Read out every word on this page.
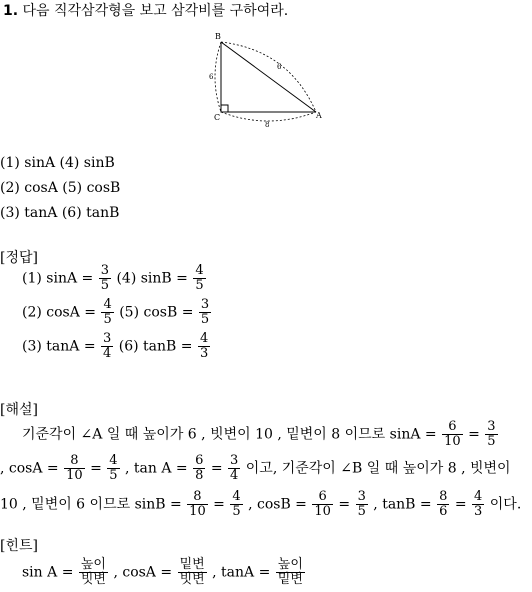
1. 다음 직각삼각형을 보고 삼각비를 구하여라.
B
C	A
6
8
6
(1) sinA (4) sinB
(2) cosA (5) cosB
(3) tanA (6) tanB
[정답]
(1) $\sin A = \frac{3}{5} (4) \sin B = \frac{4}{5}$
(2) $\cos A = \frac{4}{5} (5) \cos B = \frac{3}{5}$
(3) $\tan A = \frac{3}{4} (6) \tan B = \frac{4}{3}$
[해설]
기준각이 ∠A 일 때 높이가 6 , 빗변이 10 , 밑변이 8 이므로 $\sin A = \frac{6}{10} = \frac{3}{5}$
, $\cos A = \frac{8}{10} = \frac{4}{5}$ , $\tan A = \frac{6}{8} = \frac{3}{4}$ 이고, 기준각이 ∠B 일 때 높이가 8 , 빗변이
10 , 밑변이 6 이므로 $\sin B = \frac{8}{10} = \frac{4}{5}$ , $\cos B = \frac{6}{10} = \frac{3}{5}$ , $\tan B = \frac{8}{6} = \frac{4}{3}$ 이다.
[힌트]
$\sin A = \frac{\text{높이}}{\text{빗변}}$ , $\cos A = \frac{\text{밑변}}{\text{빗변}}$ , $\tan A = \frac{\text{높이}}{\text{밑변}}$
